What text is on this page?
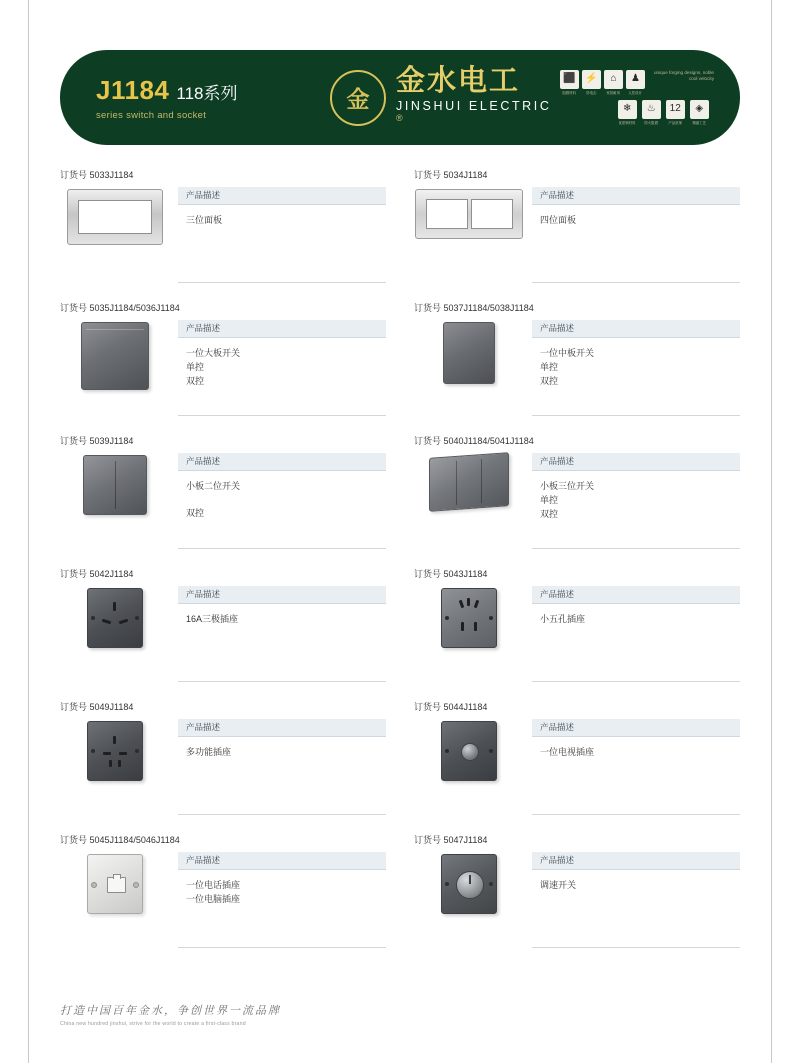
J1184 118系列
series switch and socket
金
金水电工
JINSHUI ELECTRIC ®
⬛
阻燃材料
⚡
防电击
⌂
家居耐用
♟
人性设计
unique forging designs, noble cool velocity
❄
优质铜材料
♨
防火阻燃
12
产品质保
◈
精湛工艺
订货号 5033J1184
产品描述
三位面板
订货号 5034J1184
产品描述
四位面板
订货号 5035J1184/5036J1184
产品描述
一位大板开关
单控
双控
订货号 5037J1184/5038J1184
产品描述
一位中板开关
单控
双控
订货号 5039J1184
产品描述
小板二位开关
双控
订货号 5040J1184/5041J1184
产品描述
小板三位开关
单控
双控
订货号 5042J1184
产品描述
16A三极插座
订货号 5043J1184
产品描述
小五孔插座
订货号 5049J1184
产品描述
多功能插座
订货号 5044J1184
产品描述
一位电视插座
订货号 5045J1184/5046J1184
产品描述
一位电话插座
一位电脑插座
订货号 5047J1184
产品描述
调速开关
打造中国百年金水，争创世界一流品牌
China new hundred jinshui, strive for the world to create a first-class brand
